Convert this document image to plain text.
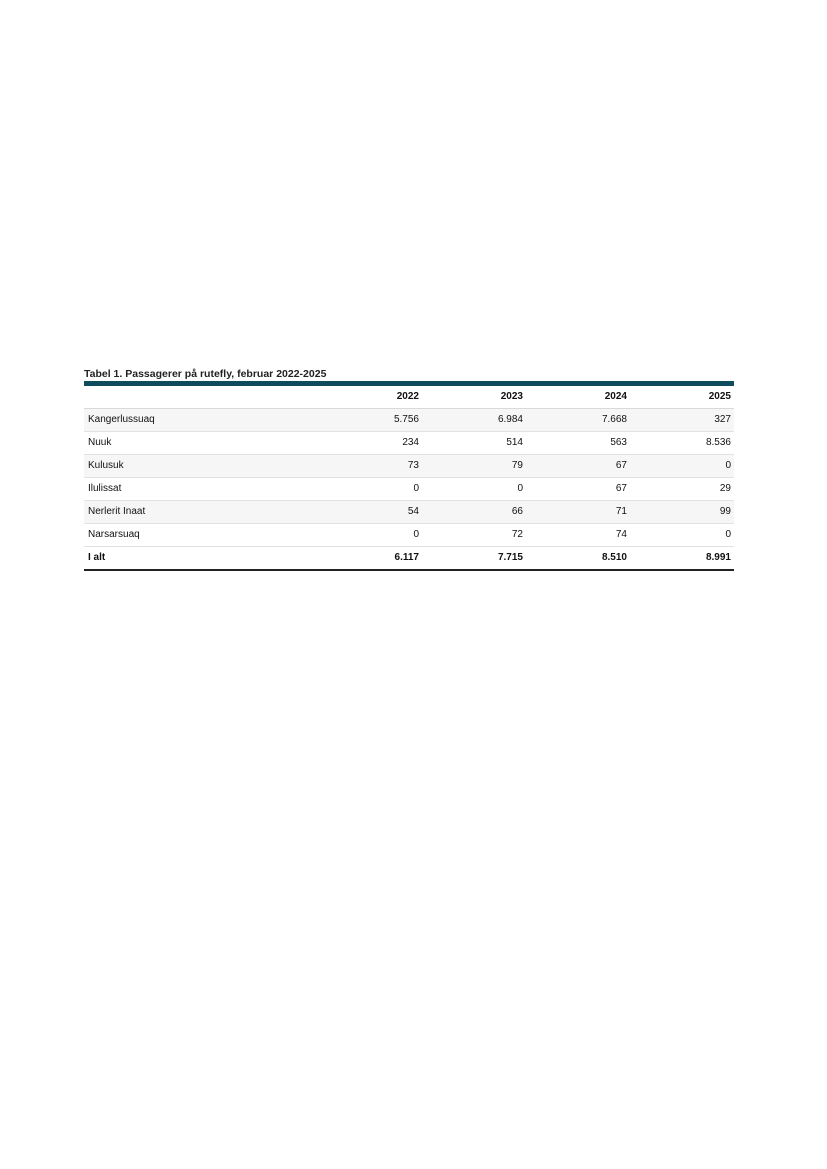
Tabel 1. Passagerer på rutefly, februar 2022-2025
	2022	2023	2024	2025
Kangerlussuaq	5.756	6.984	7.668	327
Nuuk	234	514	563	8.536
Kulusuk	73	79	67	0
Ilulissat	0	0	67	29
Nerlerit Inaat	54	66	71	99
Narsarsuaq	0	72	74	0
I alt	6.117	7.715	8.510	8.991
